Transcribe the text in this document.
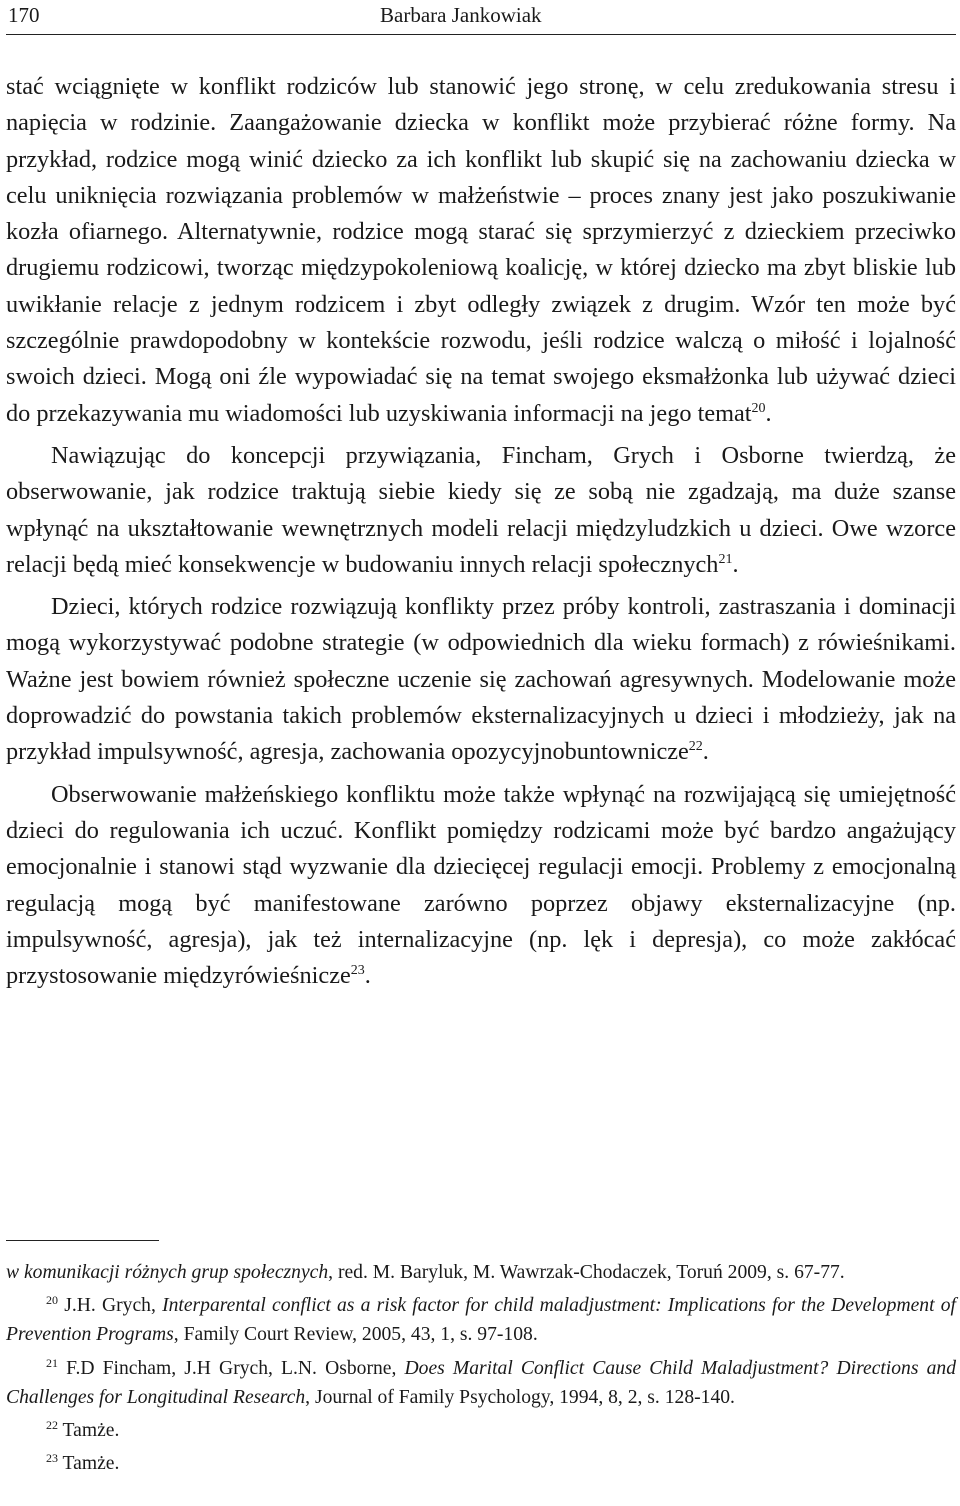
170	Barbara Jankowiak

stać wciągnięte w konflikt rodziców lub stanowić jego stronę, w celu zredukowania stresu i napięcia w rodzinie. Zaangażowanie dziecka w konflikt może przybierać różne formy. Na przykład, rodzice mogą winić dziecko za ich konflikt lub skupić się na zachowaniu dziecka w celu uniknięcia rozwiązania problemów w małżeństwie – proces znany jest jako poszukiwanie kozła ofiarnego. Alternatywnie, rodzice mogą starać się sprzymierzyć z dzieckiem przeciwko drugiemu rodzicowi, tworząc międzypokoleniową koalicję, w której dziecko ma zbyt bliskie lub uwikłanie relacje z jednym rodzicem i zbyt odległy związek z drugim. Wzór ten może być szczególnie prawdopodobny w kontekście rozwodu, jeśli rodzice walczą o miłość i lojalność swoich dzieci. Mogą oni źle wypowiadać się na temat swojego eksmałżonka lub używać dzieci do przekazywania mu wiadomości lub uzyskiwania informacji na jego temat$^{20}$.

Nawiązując do koncepcji przywiązania, Fincham, Grych i Osborne twierdzą, że obserwowanie, jak rodzice traktują siebie kiedy się ze sobą nie zgadzają, ma duże szanse wpłynąć na ukształtowanie wewnętrznych modeli relacji międzyludzkich u dzieci. Owe wzorce relacji będą mieć konsekwencje w budowaniu innych relacji społecznych$^{21}$.

Dzieci, których rodzice rozwiązują konflikty przez próby kontroli, zastraszania i dominacji mogą wykorzystywać podobne strategie (w odpowiednich dla wieku formach) z rówieśnikami. Ważne jest bowiem również społeczne uczenie się zachowań agresywnych. Modelowanie może doprowadzić do powstania takich problemów eksternalizacyjnych u dzieci i młodzieży, jak na przykład impulsywność, agresja, zachowania opozycyjnobuntownicze$^{22}$.

Obserwowanie małżeńskiego konfliktu może także wpłynąć na rozwijającą się umiejętność dzieci do regulowania ich uczuć. Konflikt pomiędzy rodzicami może być bardzo angażujący emocjonalnie i stanowi stąd wyzwanie dla dziecięcej regulacji emocji. Problemy z emocjonalną regulacją mogą być manifestowane zarówno poprzez objawy eksternalizacyjne (np. impulsywność, agresja), jak też internalizacyjne (np. lęk i depresja), co może zakłócać przystosowanie międzyrówieśnicze$^{23}$.

w komunikacji różnych grup społecznych, red. M. Baryluk, M. Wawrzak-Chodaczek, Toruń 2009, s. 67-77.

$^{20}$ J.H. Grych, Interparental conflict as a risk factor for child maladjustment: Implications for the Development of Prevention Programs, Family Court Review, 2005, 43, 1, s. 97-108.

$^{21}$ F.D Fincham, J.H Grych, L.N. Osborne, Does Marital Conflict Cause Child Maladjustment? Directions and Challenges for Longitudinal Research, Journal of Family Psychology, 1994, 8, 2, s. 128-140.

$^{22}$ Tamże.

$^{23}$ Tamże.
